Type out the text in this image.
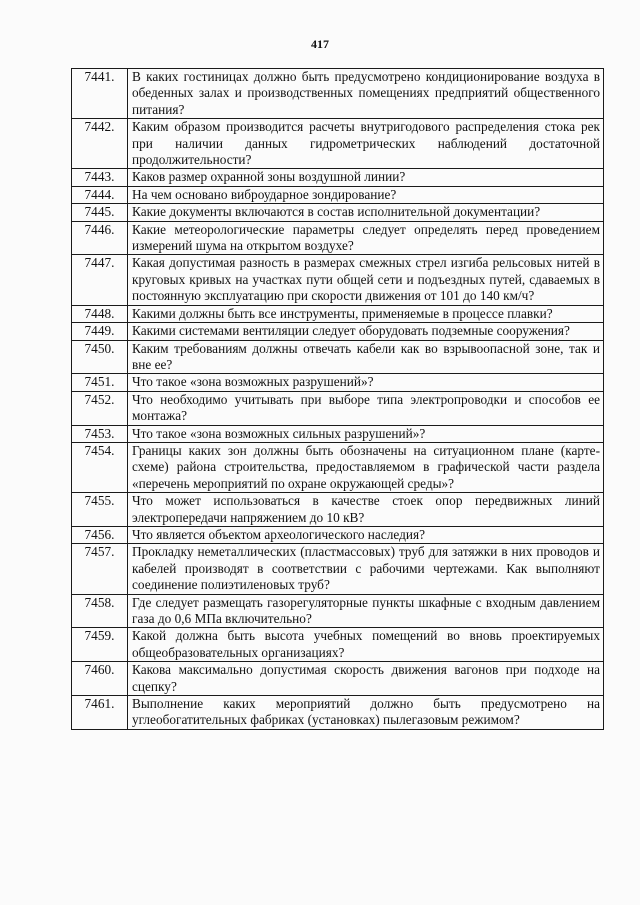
417
7441.	В каких гостиницах должно быть предусмотрено кондиционирование воздуха в обеденных залах и производственных помещениях предприятий общественного питания?
7442.	Каким образом производится расчеты внутригодового распределения стока рек при наличии данных гидрометрических наблюдений достаточной продолжительности?
7443.	Каков размер охранной зоны воздушной линии?
7444.	На чем основано виброударное зондирование?
7445.	Какие документы включаются в состав исполнительной документации?
7446.	Какие метеорологические параметры следует определять перед проведением измерений шума на открытом воздухе?
7447.	Какая допустимая разность в размерах смежных стрел изгиба рельсовых нитей в круговых кривых на участках пути общей сети и подъездных путей, сдаваемых в постоянную эксплуатацию при скорости движения от 101 до 140 км/ч?
7448.	Какими должны быть все инструменты, применяемые в процессе плавки?
7449.	Какими системами вентиляции следует оборудовать подземные сооружения?
7450.	Каким требованиям должны отвечать кабели как во взрывоопасной зоне, так и вне ее?
7451.	Что такое «зона возможных разрушений»?
7452.	Что необходимо учитывать при выборе типа электропроводки и способов ее монтажа?
7453.	Что такое «зона возможных сильных разрушений»?
7454.	Границы каких зон должны быть обозначены на ситуационном плане (карте-схеме) района строительства, предоставляемом в графической части раздела «перечень мероприятий по охране окружающей среды»?
7455.	Что может использоваться в качестве стоек опор передвижных линий электропередачи напряжением до 10 кВ?
7456.	Что является объектом археологического наследия?
7457.	Прокладку неметаллических (пластмассовых) труб для затяжки в них проводов и кабелей производят в соответствии с рабочими чертежами. Как выполняют соединение полиэтиленовых труб?
7458.	Где следует размещать газорегуляторные пункты шкафные с входным давлением газа до 0,6 МПа включительно?
7459.	Какой должна быть высота учебных помещений во вновь проектируемых общеобразовательных организациях?
7460.	Какова максимально допустимая скорость движения вагонов при подходе на сцепку?
7461.	Выполнение каких мероприятий должно быть предусмотрено на углеобогатительных фабриках (установках) пылегазовым режимом?
